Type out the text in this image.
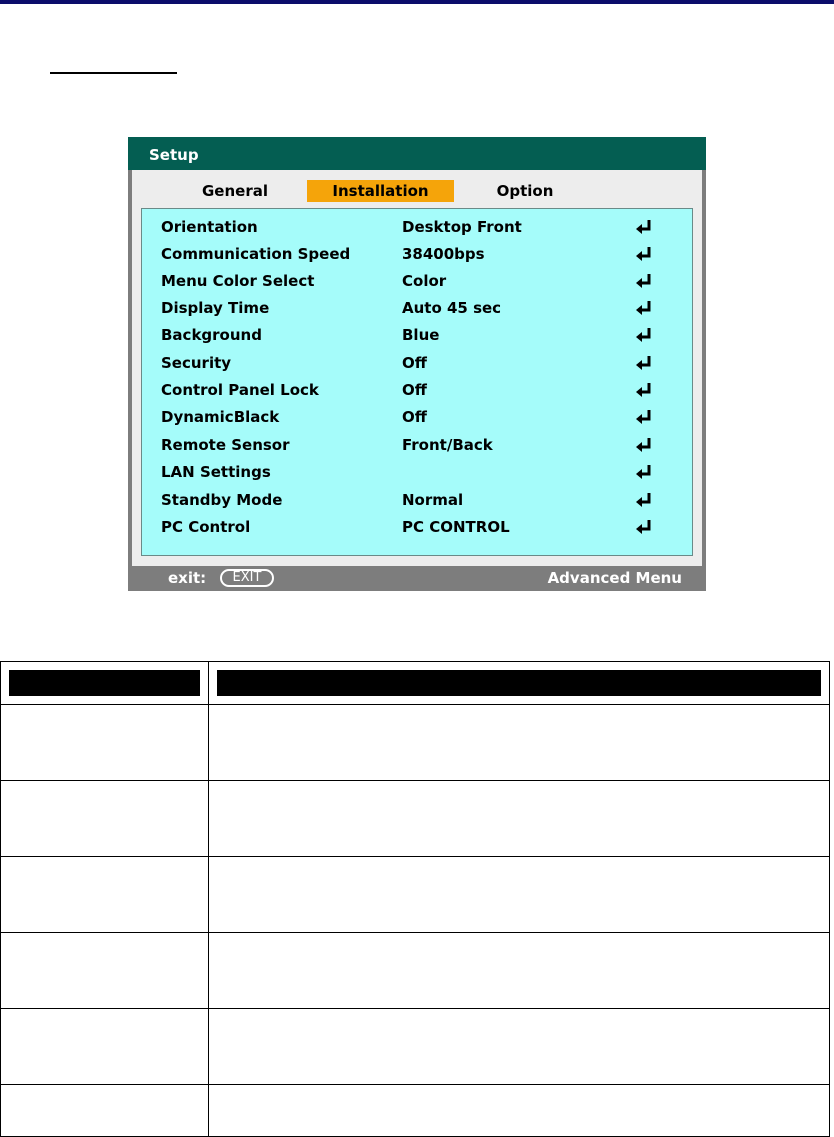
Setup
General	Installation	Option
Orientation	Desktop Front
Communication Speed	38400bps
Menu Color Select	Color
Display Time	Auto 45 sec
Background	Blue
Security	Off
Control Panel Lock	Off
DynamicBlack	Off
Remote Sensor	Front/Back
LAN Settings
Standby Mode	Normal
PC Control	PC CONTROL
exit:	EXIT	Advanced Menu
